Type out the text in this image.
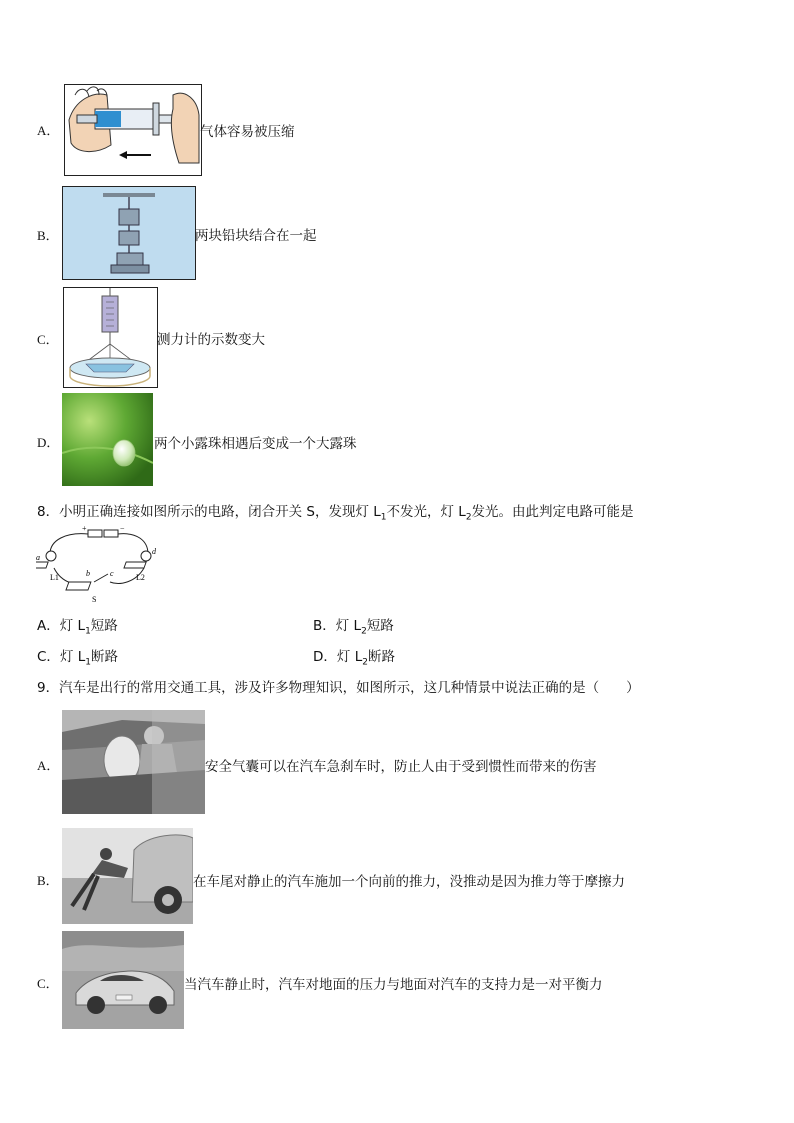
A．	气体容易被压缩
B．	两块铅块结合在一起
C．	测力计的示数变大
D．	两个小露珠相遇后变成一个大露珠
8．小明正确连接如图所示的电路，闭合开关 S，发现灯 $L_1$不发光，灯 $L_2$发光。由此判定电路可能是
+	−
a
L1
d
L2
b	c
S
A．灯 $L_1$短路	B．灯 $L_2$短路
C．灯 $L_1$断路	D．灯 $L_2$断路
9．汽车是出行的常用交通工具，涉及许多物理知识，如图所示，这几种情景中说法正确的是（　　）
A．	安全气囊可以在汽车急刹车时，防止人由于受到惯性而带来的伤害
B．	在车尾对静止的汽车施加一个向前的推力，没推动是因为推力等于摩擦力
C．	当汽车静止时，汽车对地面的压力与地面对汽车的支持力是一对平衡力
